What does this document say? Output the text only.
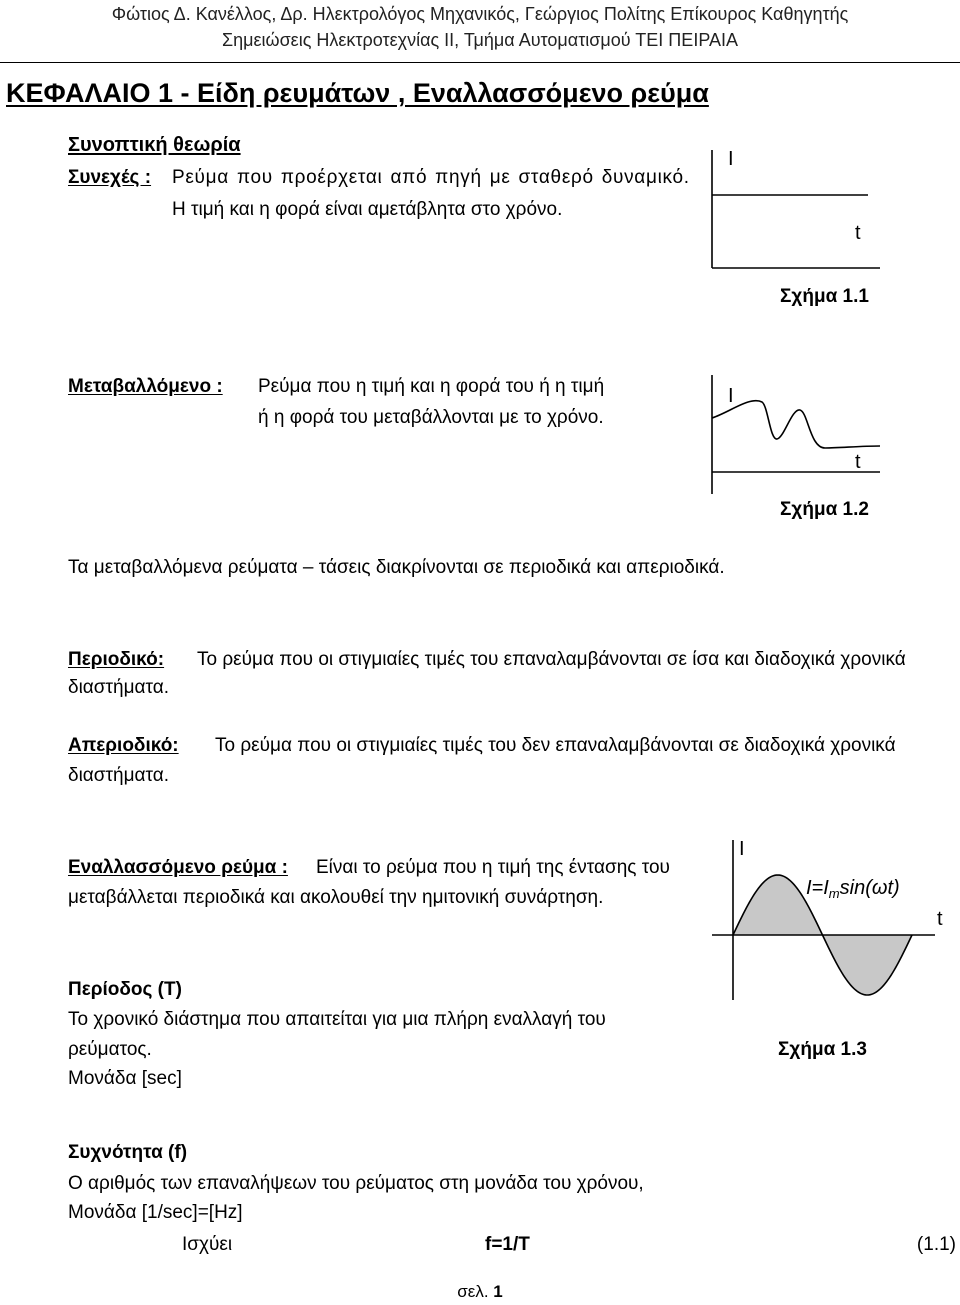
Φώτιος Δ. Κανέλλος, Δρ. Ηλεκτρολόγος Μηχανικός, Γεώργιος Πολίτης Επίκουρος Καθηγητής
Σημειώσεις Ηλεκτροτεχνίας ΙΙ, Τμήμα Αυτοματισμού ΤΕΙ ΠΕΙΡΑΙΑ
ΚΕΦΑΛΑΙΟ 1 - Είδη ρευμάτων , Εναλλασσόμενο ρεύμα
Συνοπτική θεωρία
Συνεχές : Ρεύμα που προέρχεται από πηγή με σταθερό δυναμικό.
Η τιμή και η φορά είναι αμετάβλητα στο χρόνο.
I
t
Σχήμα 1.1
Μεταβαλλόμενο : Ρεύμα που η τιμή και η φορά του ή η τιμή
ή η φορά του μεταβάλλονται με το χρόνο.
I
t
Σχήμα 1.2
Τα μεταβαλλόμενα ρεύματα – τάσεις διακρίνονται σε περιοδικά και απεριοδικά.
Περιοδικό: Το ρεύμα που οι στιγμιαίες τιμές του επαναλαμβάνονται σε ίσα και διαδοχικά χρονικά
διαστήματα.
Απεριοδικό: Το ρεύμα που οι στιγμιαίες τιμές του δεν επαναλαμβάνονται σε διαδοχικά χρονικά
διαστήματα.
Εναλλασσόμενο ρεύμα : Είναι το ρεύμα που η τιμή της έντασης του
μεταβάλλεται περιοδικά και ακολουθεί την ημιτονική συνάρτηση.
I
$I=I_m\sin(\omega t)$
t
Περίοδος (T)
Το χρονικό διάστημα που απαιτείται για μια πλήρη εναλλαγή του
ρεύματος.	Σχήμα 1.3
Μονάδα [sec]
Συχνότητα (f)
Ο αριθμός των επαναλήψεων του ρεύματος στη μονάδα του χρόνου,
Μονάδα [1/sec]=[Hz]
Ισχύει	f=1/T	(1.1)
σελ. 1
